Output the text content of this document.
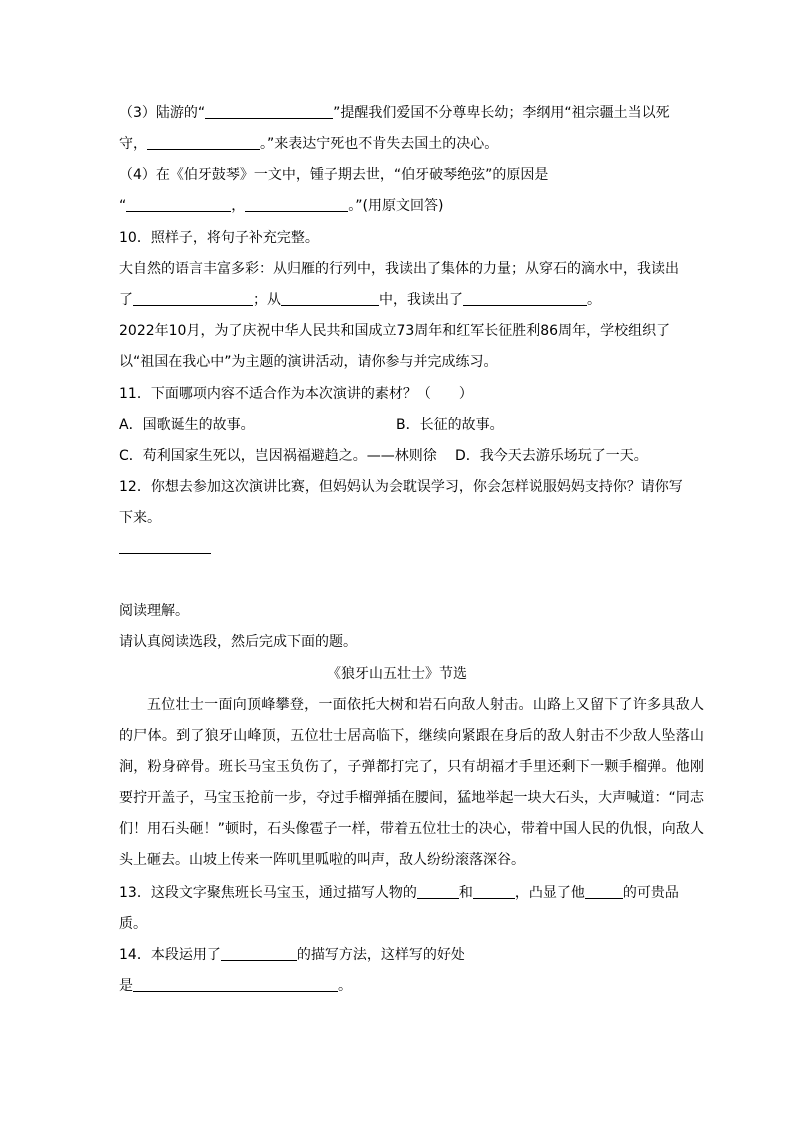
（3）陆游的“	”提醒我们爱国不分尊卑长幼；李纲用“祖宗疆土当以死
守，	。”来表达宁死也不肯失去国土的决心。
（4）在《伯牙鼓琴》一文中，锺子期去世，“伯牙破琴绝弦”的原因是
“	，	。”(用原文回答)
10．照样子，将句子补充完整。
大自然的语言丰富多彩：从归雁的行列中，我读出了集体的力量；从穿石的滴水中，我读出
了	；从	中，我读出了	。
2022年10月，为了庆祝中华人民共和国成立73周年和红军长征胜利86周年，学校组织了
以“祖国在我心中”为主题的演讲活动，请你参与并完成练习。
11．下面哪项内容不适合作为本次演讲的素材？（　　）
A．国歌诞生的故事。	B．长征的故事。
C．苟利国家生死以，岂因祸福避趋之。——林则徐 D．我今天去游乐场玩了一天。
12．你想去参加这次演讲比赛，但妈妈认为会耽误学习，你会怎样说服妈妈支持你？请你写
下来。
阅读理解。
请认真阅读选段，然后完成下面的题。
《狼牙山五壮士》节选
五位壮士一面向顶峰攀登，一面依托大树和岩石向敌人射击。山路上又留下了许多具敌人的尸体。到了狼牙山峰顶，五位壮士居高临下，继续向紧跟在身后的敌人射击不少敌人坠落山涧，粉身碎骨。班长马宝玉负伤了，子弹都打完了，只有胡福才手里还剩下一颗手榴弹。他刚要拧开盖子，马宝玉抢前一步，夺过手榴弹插在腰间，猛地举起一块大石头，大声喊道：“同志们！用石头砸！”顿时，石头像雹子一样，带着五位壮士的决心，带着中国人民的仇恨，向敌人头上砸去。山坡上传来一阵叽里呱啦的叫声，敌人纷纷滚落深谷。
13．这段文字聚焦班长马宝玉，通过描写人物的	和	，凸显了他	的可贵品
质。
14．本段运用了	的描写方法，这样写的好处
是	。
